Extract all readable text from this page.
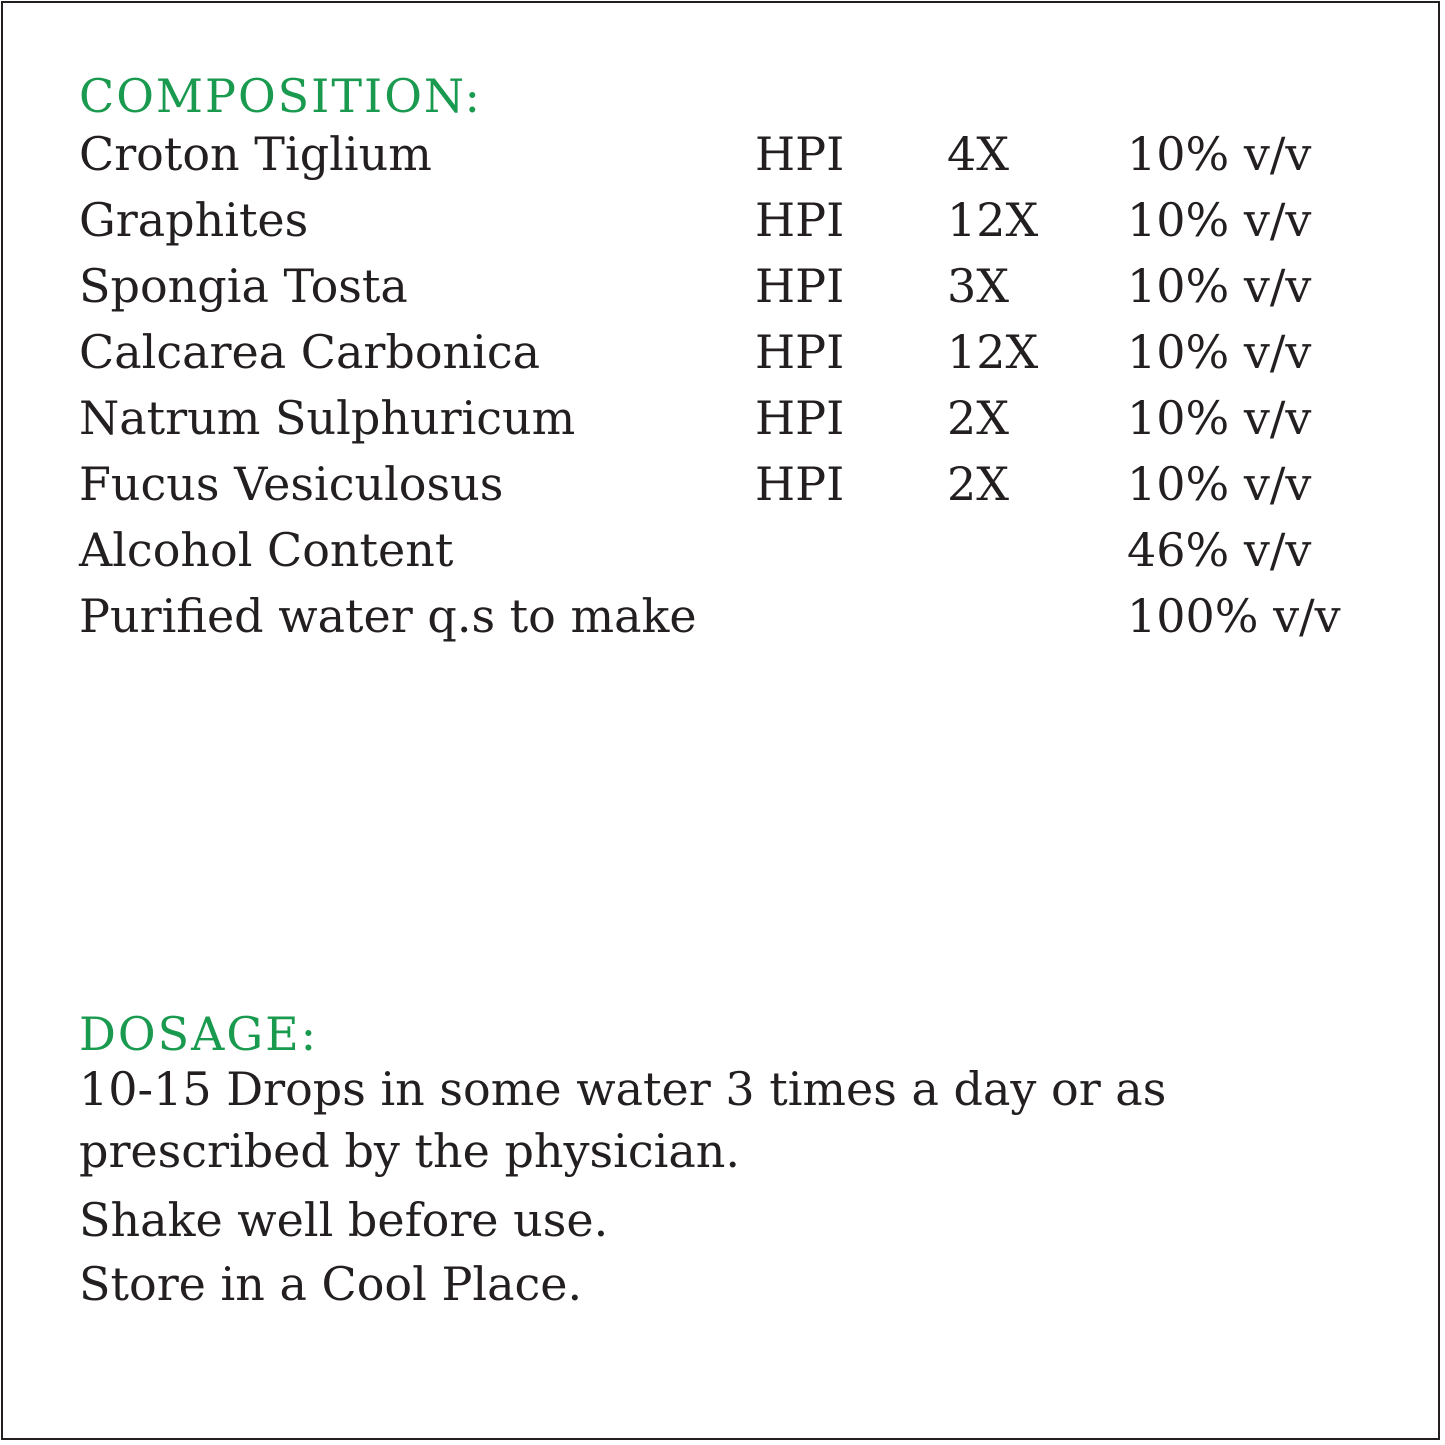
COMPOSITION:
Croton Tiglium	HPI 4X	10% v/v
Graphites	HPI 12X 10% v/v
Spongia Tosta	HPI 3X	10% v/v
Calcarea Carbonica	HPI 12X 10% v/v
Natrum Sulphuricum	HPI 2X	10% v/v
Fucus Vesiculosus	HPI 2X	10% v/v
Alcohol Content	46% v/v
Purified water q.s to make	100% v/v
DOSAGE:
10-15 Drops in some water 3 times a day or as
prescribed by the physician.
Shake well before use.
Store in a Cool Place.
